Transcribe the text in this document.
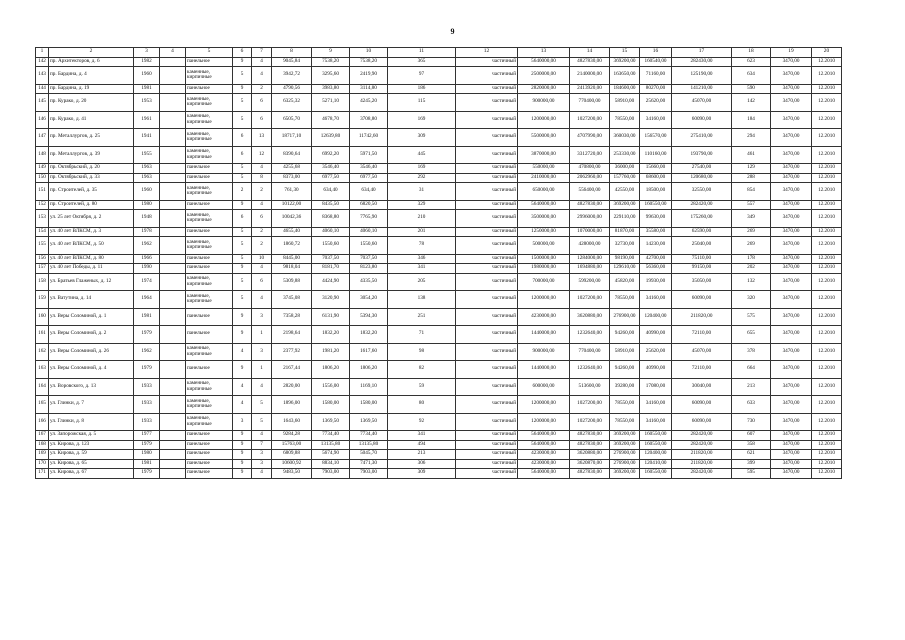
9
1	2	3	4	5	6	7	8	9	10	11	12	13	14	15	16	17	18	19	20
142	пр. Архитекторов, д. 6	1982		панельное	9	4	9045,84	7538,20	7538,20	365	частичный	5640000,00	4827830,00	369200,00	160540,00	282430,00	623	3470,00	12.2010
143	пр. Бардина, д. 4	1960		каменные, кирпичные	5	4	3942,72	3295,60	2419,90	97	частичный	2500000,00	2140000,00	163650,00	71160,00	125190,00	634	3470,00	12.2010
144	пр. Бардина, д. 19	1981		панельное	9	2	4790,56	3983,80	3114,80	186	частичный	2820000,00	2413920,00	184600,00	80270,00	141210,00	590	3470,00	12.2010
145	пр. Курако, д. 20	1953		каменные, кирпичные	5	6	6325,32	5271,10	4245,20	115	частичный	900000,00	770400,00	58910,00	25620,00	45070,00	142	3470,00	12.2010
146	пр. Курако, д. 41	1961		каменные, кирпичные	5	6	6505,70	4678,70	3708,80	169	частичный	1200000,00	1027200,00	78550,00	34160,00	60090,00	184	3470,00	12.2010
147	пр. Металлургов, д. 25	1941		каменные, кирпичные	6	13	18717,10	12639,80	11742,60	309	частичный	5500000,00	4707990,00	360030,00	156570,00	275410,00	294	3470,00	12.2010
148	пр. Металлургов, д. 39	1955		каменные, кирпичные	6	12	8390,64	6992,20	5971,50	445	частичный	3870000,00	3312720,00	253330,00	110160,00	193790,00	461	3470,00	12.2010
149	пр. Октябрьский, д. 20	1963		панельное	5	4	4255,68	3546,40	3546,40	169	частичный	550000,00	470800,00	36000,00	15660,00	27540,00	129	3470,00	12.2010
150	пр. Октябрьский, д. 33	1963		панельное	5	8	8373,00	6977,50	6977,50	292	частичный	2410000,00	2062960,00	157760,00	68600,00	120680,00	288	3470,00	12.2010
151	пр. Строителей, д. 35	1960		каменные, кирпичные	2	2	761,30	634,40	634,40	31	частичный	650000,00	556400,00	42550,00	18500,00	32550,00	854	3470,00	12.2010
152	пр. Строителей, д. 80	1980		панельное	9	4	10122,00	8435,50	6820,50	329	частичный	5640000,00	4827830,00	369200,00	160550,00	282420,00	557	3470,00	12.2010
153	ул. 25 лет Октября, д. 2	1948		каменные, кирпичные	6	6	10042,36	8368,80	7765,90	210	частичный	3500000,00	2996000,00	229110,00	99630,00	175260,00	349	3470,00	12.2010
154	ул. 40 лет ВЛКСМ, д. 3	1978		панельное	5	2	4655,40	4060,10	4060,10	201	частичный	1250000,00	1070000,00	81870,00	35580,00	62590,00	269	3470,00	12.2010
155	ул. 40 лет ВЛКСМ, д. 50	1962		каменные, кирпичные	5	2	1860,72	1550,60	1550,60	78	частичный	500000,00	428000,00	32730,00	14230,00	25040,00	269	3470,00	12.2010
156	ул. 40 лет ВЛКСМ, д. 80	1966		панельное	5	10	8445,00	7037,50	7037,50	346	частичный	1500000,00	1284000,00	98190,00	42700,00	75110,00	178	3470,00	12.2010
157	ул. 40 лет Победы, д. 11	1990		панельное	9	4	9818,04	8181,70	8123,80	341	частичный	1980000,00	1694880,00	129610,00	56360,00	99150,00	202	3470,00	12.2010
158	ул. Братьев Глаженых, д. 12	1974		каменные, кирпичные	5	6	5309,88	4424,90	4335,50	205	частичный	700000,00	599200,00	45820,00	19930,00	35050,00	132	3470,00	12.2010
159	ул. Ватутина, д. 14	1964		каменные, кирпичные	5	4	3745,08	3120,90	3054,20	138	частичный	1200000,00	1027200,00	78550,00	34160,00	60090,00	320	3470,00	12.2010
160	ул. Веры Соломиной, д. 1	1981		панельное	9	3	7358,28	6131,90	5394,30	251	частичный	4230000,00	3620880,00	276900,00	120400,00	211820,00	575	3470,00	12.2010
161	ул. Веры Соломиной, д. 2	1979		панельное	9	1	2198,64	1832,20	1832,20	71	частичный	1440000,00	1232640,00	94260,00	40990,00	72110,00	655	3470,00	12.2010
162	ул. Веры Соломиной, д. 26	1962		каменные, кирпичные	4	3	2377,92	1981,20	1617,60	98	частичный	900000,00	770400,00	58910,00	25620,00	45070,00	378	3470,00	12.2010
163	ул. Веры Соломиной, д. 4	1979		панельное	9	1	2167,44	1806,20	1806,20	82	частичный	1440000,00	1232640,00	94260,00	40990,00	72110,00	664	3470,00	12.2010
164	ул. Воровского, д. 13	1933		каменные, кирпичные	4	4	2820,00	1556,00	1169,10	59	частичный	600000,00	513600,00	39280,00	17080,00	30040,00	213	3470,00	12.2010
165	ул. Глинки, д. 7	1933		каменные, кирпичные	4	5	1896,00	1580,00	1580,00	80	частичный	1200000,00	1027200,00	78550,00	34160,00	60090,00	633	3470,00	12.2010
166	ул. Глинки, д. 8	1933		каменные, кирпичные	3	5	1643,60	1369,50	1369,50	92	частичный	1200000,00	1027200,00	78550,00	34160,00	60090,00	730	3470,00	12.2010
167	ул. Запорожская, д. 5	1977		панельное	9	4	9284,28	7734,40	7734,40	341	частичный	5640000,00	4827830,00	369200,00	160550,00	282420,00	607	3470,00	12.2010
168	ул. Кирова, д. 123	1979		панельное	9	7	15763,00	13135,80	13135,80	494	частичный	5640000,00	4827830,00	369200,00	160550,00	282420,00	358	3470,00	12.2010
169	ул. Кирова, д. 59	1980		панельное	9	3	6809,88	5674,90	5045,70	213	частичный	4230000,00	3620880,00	276900,00	120400,00	211820,00	621	3470,00	12.2010
170	ул. Кирова, д. 65	1981		панельное	9	3	10600,92	8834,10	7471,30	306	частичный	4230000,00	3620870,00	276900,00	120410,00	211820,00	399	3470,00	12.2010
171	ул. Кирова, д. 67	1979		панельное	9	4	9483,50	7903,00	7903,00	309	частичный	5640000,00	4827830,00	369200,00	160550,00	282420,00	595	3470,00	12.2010
